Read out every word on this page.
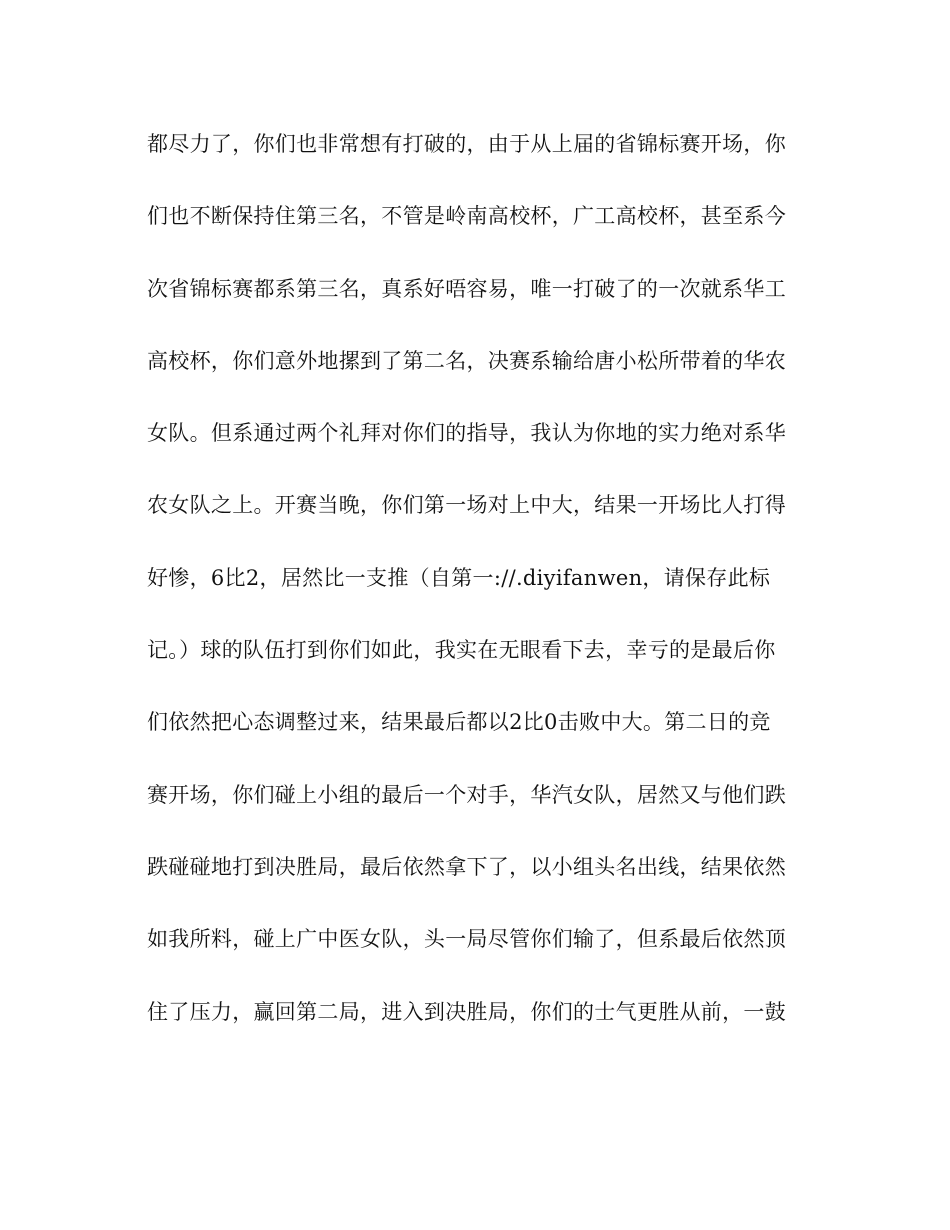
都尽力了，你们也非常想有打破的，由于从上届的省锦标赛开场，你
们也不断保持住第三名，不管是岭南高校杯，广工高校杯，甚至系今
次省锦标赛都系第三名，真系好唔容易，唯一打破了的一次就系华工
高校杯，你们意外地摞到了第二名，决赛系输给唐小松所带着的华农
女队。但系通过两个礼拜对你们的指导，我认为你地的实力绝对系华
农女队之上。开赛当晚，你们第一场对上中大，结果一开场比人打得
好惨，6比2，居然比一支推（自第一://.diyifanwen，请保存此标
记。）球的队伍打到你们如此，我实在无眼看下去，幸亏的是最后你
们依然把心态调整过来，结果最后都以2比0击败中大。第二日的竞
赛开场，你们碰上小组的最后一个对手，华汽女队，居然又与他们跌
跌碰碰地打到决胜局，最后依然拿下了，以小组头名出线，结果依然
如我所料，碰上广中医女队，头一局尽管你们输了，但系最后依然顶
住了压力，赢回第二局，进入到决胜局，你们的士气更胜从前，一鼓
